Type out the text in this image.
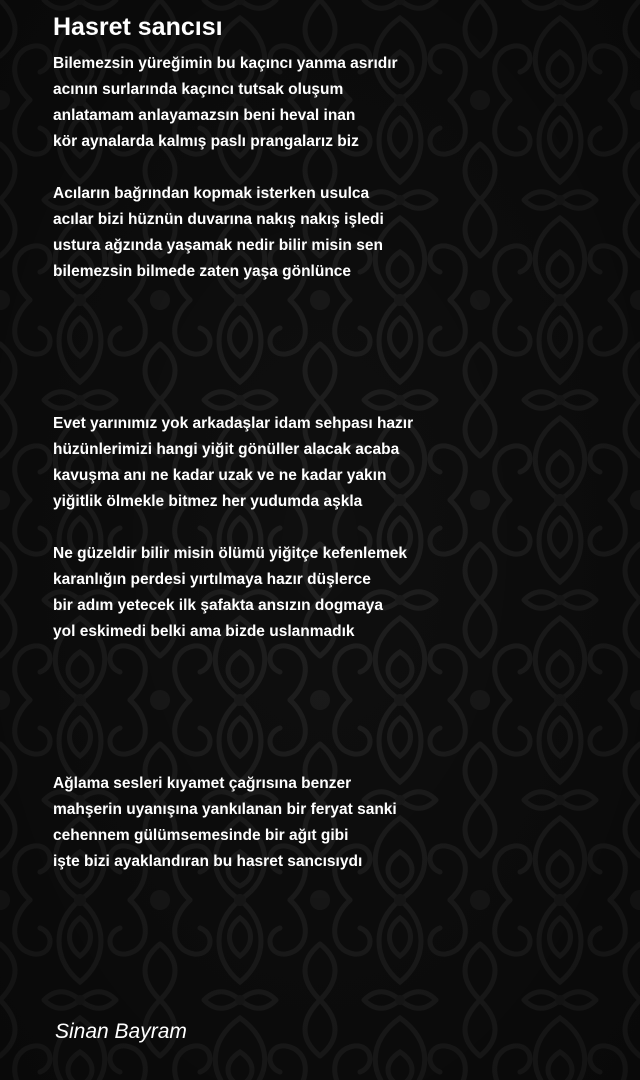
Hasret sancısı
Bilemezsin yüreğimin bu kaçıncı yanma asrıdır
acının surlarında kaçıncı tutsak oluşum
anlatamam anlayamazsın beni heval inan
kör aynalarda kalmış paslı prangalarız biz
Acıların bağrından kopmak isterken usulca
acılar bizi hüznün duvarına nakış nakış işledi
ustura ağzında yaşamak nedir bilir misin sen
bilemezsin bilmede zaten yaşa gönlünce
Evet yarınımız yok arkadaşlar idam sehpası hazır
hüzünlerimizi hangi yiğit gönüller alacak acaba
kavuşma anı ne kadar uzak ve ne kadar yakın
yiğitlik ölmekle bitmez her yudumda aşkla
Ne güzeldir bilir misin ölümü yiğitçe kefenlemek
karanlığın perdesi yırtılmaya hazır düşlerce
bir adım yetecek ilk şafakta ansızın dogmaya
yol eskimedi belki ama bizde uslanmadık
Ağlama sesleri kıyamet çağrısına benzer
mahşerin uyanışına yankılanan bir feryat sanki
cehennem gülümsemesinde bir ağıt gibi
işte bizi ayaklandıran bu hasret sancısıydı
Sinan Bayram
